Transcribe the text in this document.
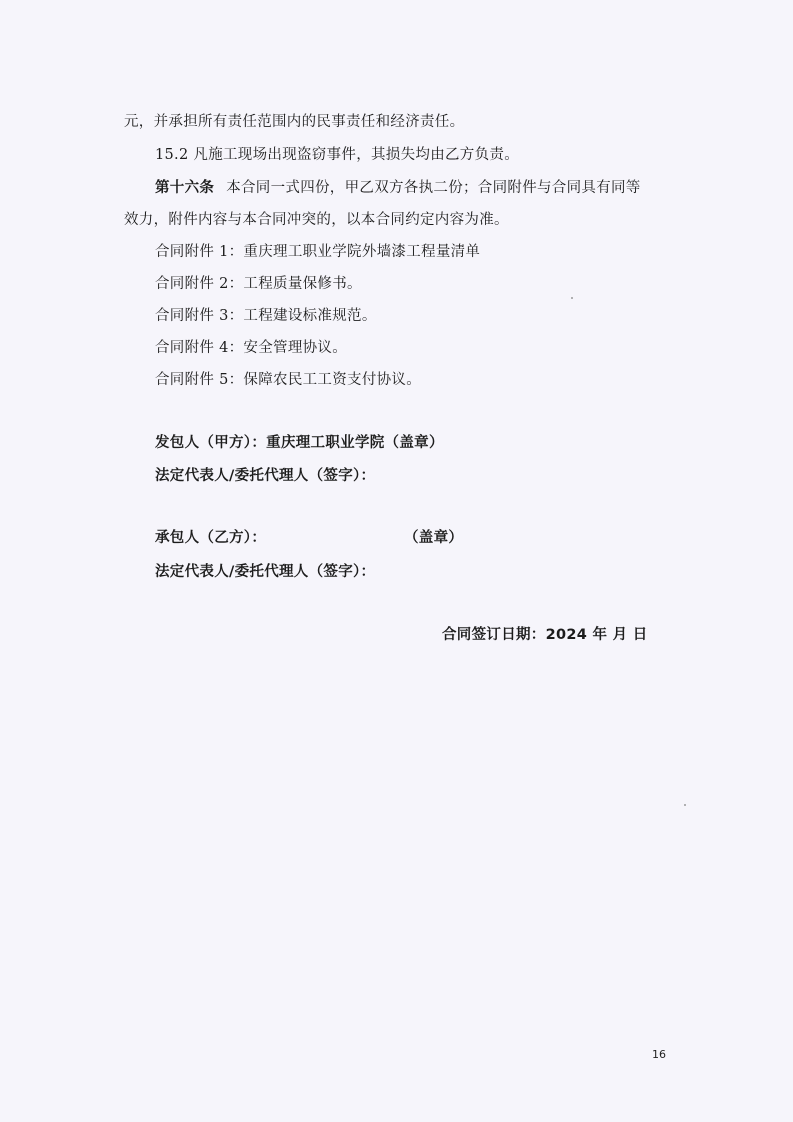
元，并承担所有责任范围内的民事责任和经济责任。
15.2 凡施工现场出现盗窃事件，其损失均由乙方负责。
第十六条 本合同一式四份，甲乙双方各执二份；合同附件与合同具有同等
效力，附件内容与本合同冲突的，以本合同约定内容为准。
合同附件 1：重庆理工职业学院外墙漆工程量清单
合同附件 2：工程质量保修书。
合同附件 3：工程建设标准规范。
合同附件 4：安全管理协议。
合同附件 5：保障农民工工资支付协议。
发包人（甲方）：重庆理工职业学院（盖章）
法定代表人/委托代理人（签字）：
承包人（乙方）：	（盖章）
法定代表人/委托代理人（签字）：
合同签订日期：2024 年 月 日
16
